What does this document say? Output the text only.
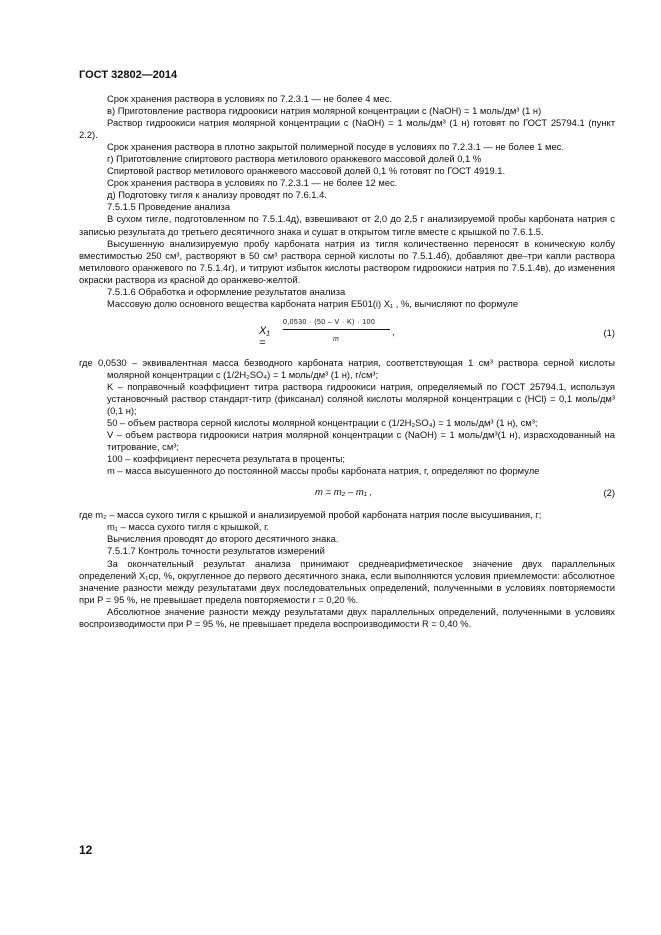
ГОСТ 32802—2014

Срок хранения раствора в условиях по 7.2.3.1 — не более 4 мес.

в) Приготовление раствора гидроокиси натрия молярной концентрации с (NaOH) = 1 моль/дм³ (1 н)

Раствор гидроокиси натрия молярной концентрации с (NaOH) = 1 моль/дм³ (1 н) готовят по ГОСТ 25794.1 (пункт 2.2).

Срок хранения раствора в плотно закрытой полимерной посуде в условиях по 7.2.3.1 — не более 1 мес.

г) Приготовление спиртового раствора метилового оранжевого массовой долей 0,1 %

Спиртовой раствор метилового оранжевого массовой долей 0,1 % готовят по ГОСТ 4919.1.

Срок хранения раствора в условиях по 7.2.3.1 — не более 12 мес.

д) Подготовку тигля к анализу проводят по 7.6.1.4.

7.5.1.5 Проведение анализа

В сухом тигле, подготовленном по 7.5.1.4д), взвешивают от 2,0 до 2,5 г анализируемой пробы карбоната натрия с записью результата до третьего десятичного знака и сушат в открытом тигле вместе с крышкой по 7.6.1.5.

Высушенную анализируемую пробу карбоната натрия из тигля количественно переносят в коническую колбу вместимостью 250 см³, растворяют в 50 см³ раствора серной кислоты по 7.5.1.4б), добавляют две–три капли раствора метилового оранжевого по 7.5.1.4г), и титруют избыток кислоты раствором гидроокиси натрия по 7.5.1.4в), до изменения окраски раствора из красной до оранжево-желтой.

7.5.1.6 Обработка и оформление результатов анализа

Массовую долю основного вещества карбоната натрия Е501(i) X₁ , %, вычисляют по формуле

X₁ =
0,0530 · (50 – V · K) · 100
m
,	(1)

где 0,0530 – эквивалентная масса безводного карбоната натрия, соответствующая 1 см³ раствора серной кислоты молярной концентрации с (1/2H₂SO₄) = 1 моль/дм³ (1 н), г/см³;

K – поправочный коэффициент титра раствора гидроокиси натрия, определяемый по ГОСТ 25794.1, используя установочный раствор стандарт-титр (фиксанал) соляной кислоты молярной концентрации с (HCl) = 0,1 моль/дм³ (0,1 н);

50 – объем раствора серной кислоты молярной концентрации с (1/2H₂SO₄) = 1 моль/дм³ (1 н), см³;

V – объем раствора гидроокиси натрия молярной концентрации с (NaOH) = 1 моль/дм³(1 н), израсходованный на титрование, см³;

100 – коэффициент пересчета результата в проценты;

m – масса высушенного до постоянной массы пробы карбоната натрия, г, определяют по формуле

m = m₂ – m₁ ,	(2)

где m₂ – масса сухого тигля с крышкой и анализируемой пробой карбоната натрия после высушивания, г;

m₁ – масса сухого тигля с крышкой, г.

Вычисления проводят до второго десятичного знака.

7.5.1.7 Контроль точности результатов измерений

За окончательный результат анализа принимают среднеарифметическое значение двух параллельных определений X₁ср, %, округленное до первого десятичного знака, если выполняются условия приемлемости: абсолютное значение разности между результатами двух последовательных определений, полученными в условиях повторяемости при P = 95 %, не превышает предела повторяемости r = 0,20 %.

Абсолютное значение разности между результатами двух параллельных определений, полученными в условиях воспроизводимости при P = 95 %, не превышает предела воспроизводимости R = 0,40 %.

12
